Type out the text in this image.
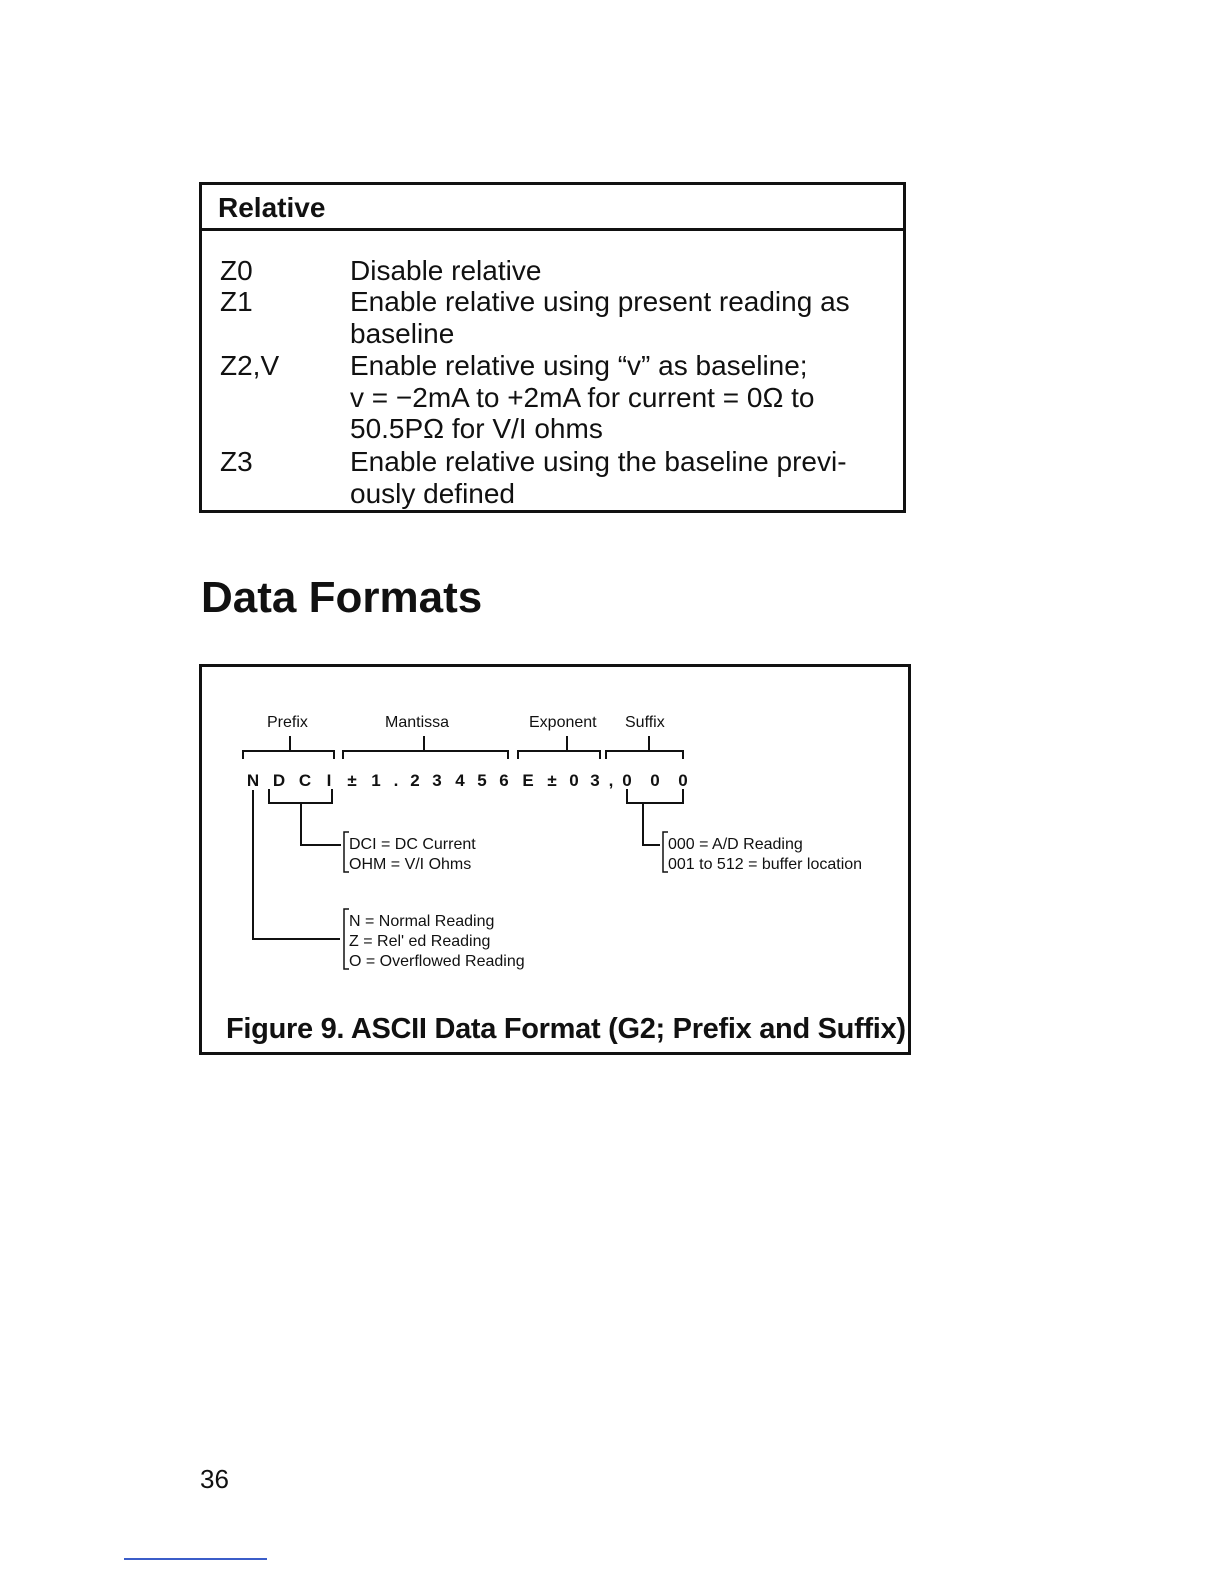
Relative
Z0	Disable relative
Z1	Enable relative using present reading as
baseline
Z2,V	Enable relative using “v” as baseline;
v = −2mA to +2mA for current = 0Ω to
50.5PΩ for V/I ohms
Z3	Enable relative using the baseline previ-
ously defined
Data Formats
Prefix	Mantissa	Exponent Suffix
N D C I ± 1 . 2 3 4 5 6 E ± 0 3 , 0 0 0
DCI = DC Current
OHM = V/I Ohms
000 = A/D Reading
001 to 512 = buffer location
N = Normal Reading
Z = Rel' ed Reading
O = Overflowed Reading
Figure 9. ASCII Data Format (G2; Prefix and Suffix)
36
